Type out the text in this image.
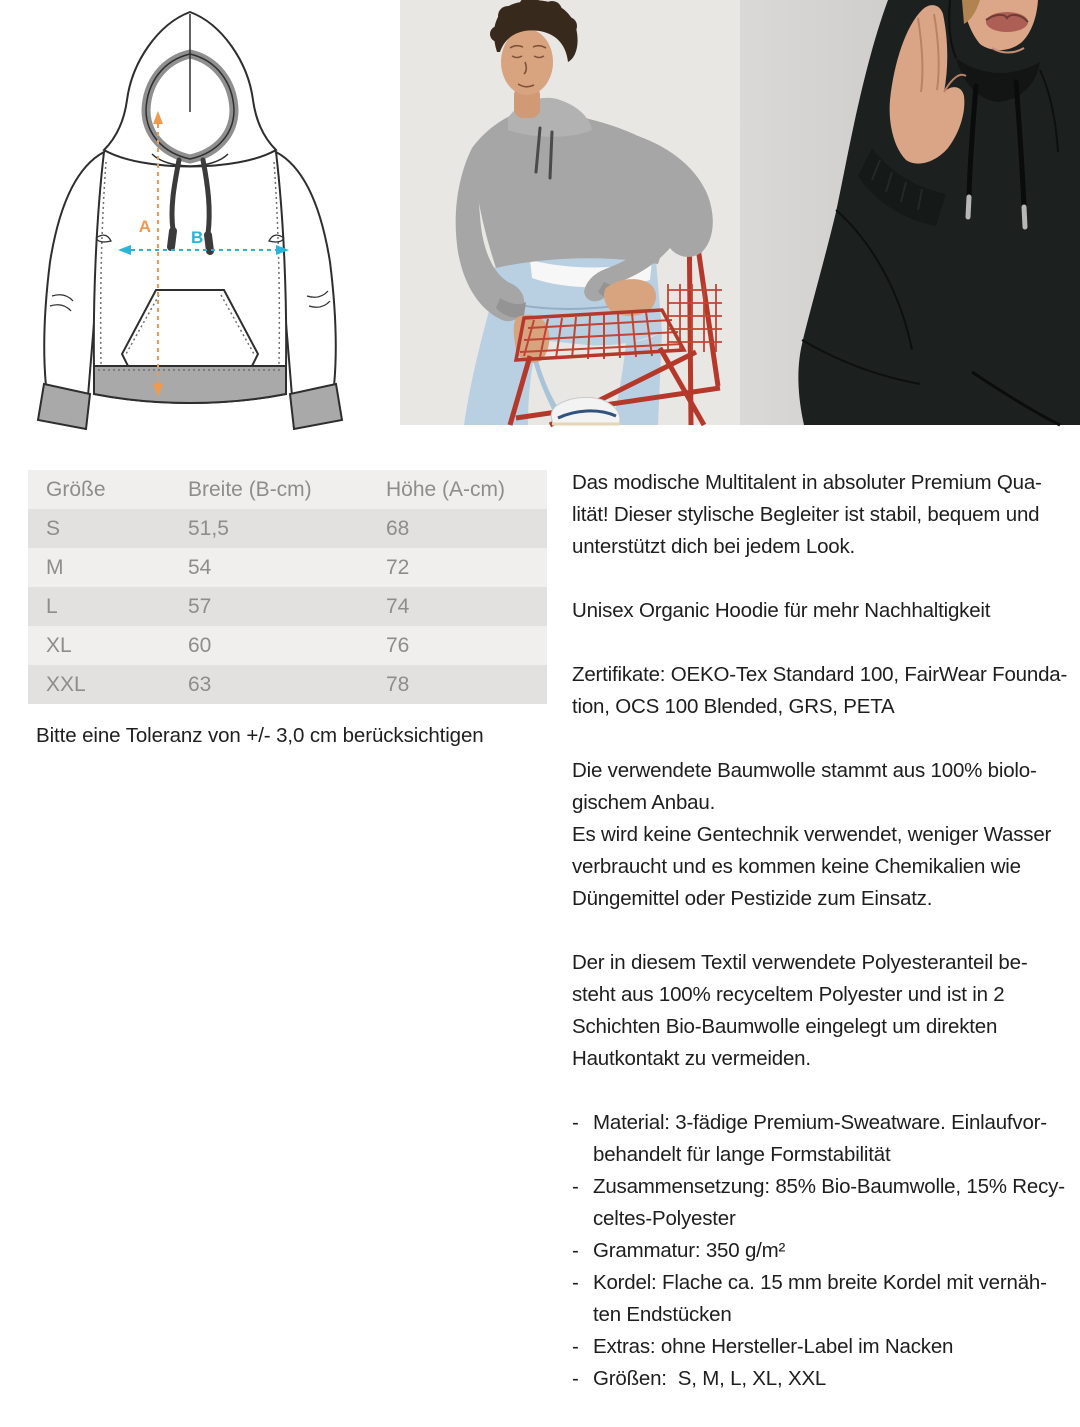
A
B
Größe	Breite (B-cm)	Höhe (A-cm)
S	51,5	68
M	54	72
L	57	74
XL	60	76
XXL	63	78
Bitte eine Toleranz von +/- 3,0 cm berücksichtigen
Das modische Multitalent in absoluter Premium Qua-
lität! Dieser stylische Begleiter ist stabil, bequem und
unterstützt dich bei jedem Look.
Unisex Organic Hoodie für mehr Nachhaltigkeit
Zertifikate: OEKO-Tex Standard 100, FairWear Founda-
tion, OCS 100 Blended, GRS, PETA
Die verwendete Baumwolle stammt aus 100% biolo-
gischem Anbau.
Es wird keine Gentechnik verwendet, weniger Wasser
verbraucht und es kommen keine Chemikalien wie
Düngemittel oder Pestizide zum Einsatz.
Der in diesem Textil verwendete Polyesteranteil be-
steht aus 100% recyceltem Polyester und ist in 2
Schichten Bio-Baumwolle eingelegt um direkten
Hautkontakt zu vermeiden.
- Material: 3-fädige Premium-Sweatware. Einlaufvor-
behandelt für lange Formstabilität
- Zusammensetzung: 85% Bio-Baumwolle, 15% Recy-
celtes-Polyester
- Grammatur: 350 g/m²
- Kordel: Flache ca. 15 mm breite Kordel mit vernäh-
ten Endstücken
- Extras: ohne Hersteller-Label im Nacken
- Größen:  S, M, L, XL, XXL
